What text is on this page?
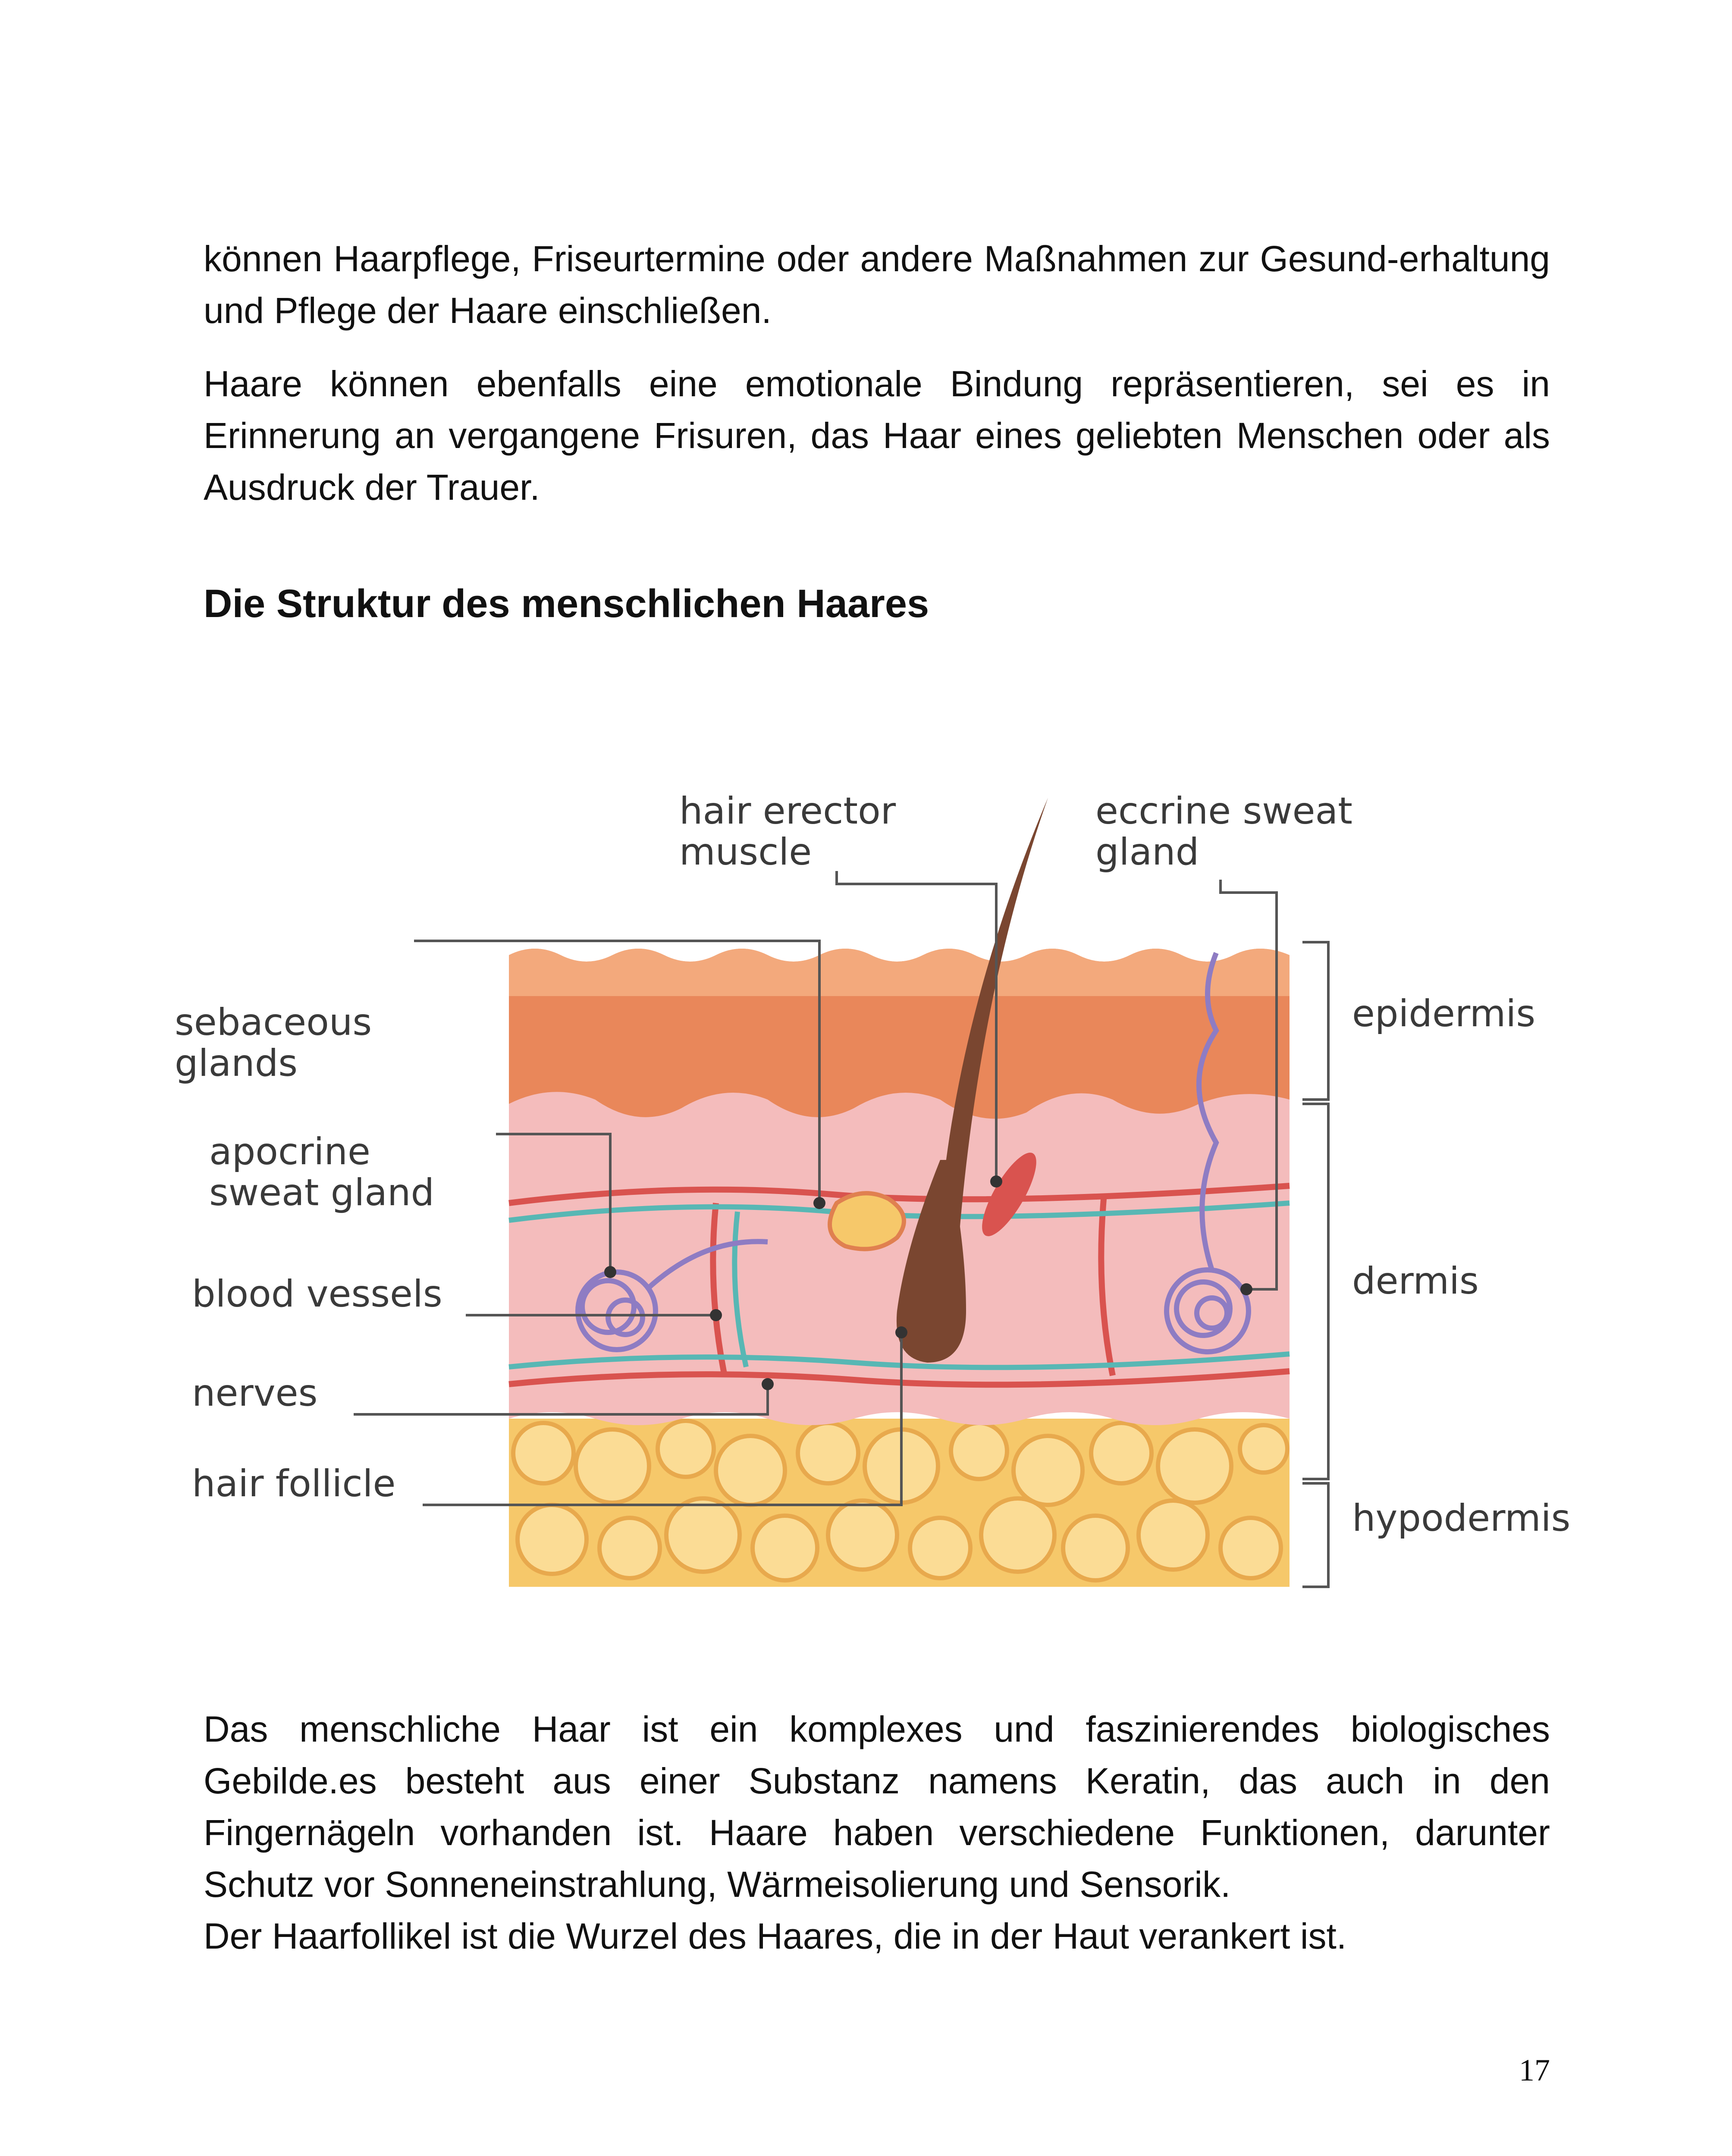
können Haarpflege, Friseurtermine oder andere Maßnahmen zur Gesund-erhaltung und Pflege der Haare einschließen.

Haare können ebenfalls eine emotionale Bindung repräsentieren, sei es in Erinnerung an vergangene Frisuren, das Haar eines geliebten Menschen oder als Ausdruck der Trauer.

Die Struktur des menschlichen Haares
hair erector
muscle
eccrine sweat
gland
sebaceous
glands
apocrine
sweat gland
blood vessels
nerves
hair follicle
epidermis
dermis
hypodermis

Das menschliche Haar ist ein komplexes und faszinierendes biologisches Gebilde.es besteht aus einer Substanz namens Keratin, das auch in den Fingernägeln vorhanden ist. Haare haben verschiedene Funktionen, darunter Schutz vor Sonneneinstrahlung, Wärmeisolierung und Sensorik.
Der Haarfollikel ist die Wurzel des Haares, die in der Haut verankert ist.

17
